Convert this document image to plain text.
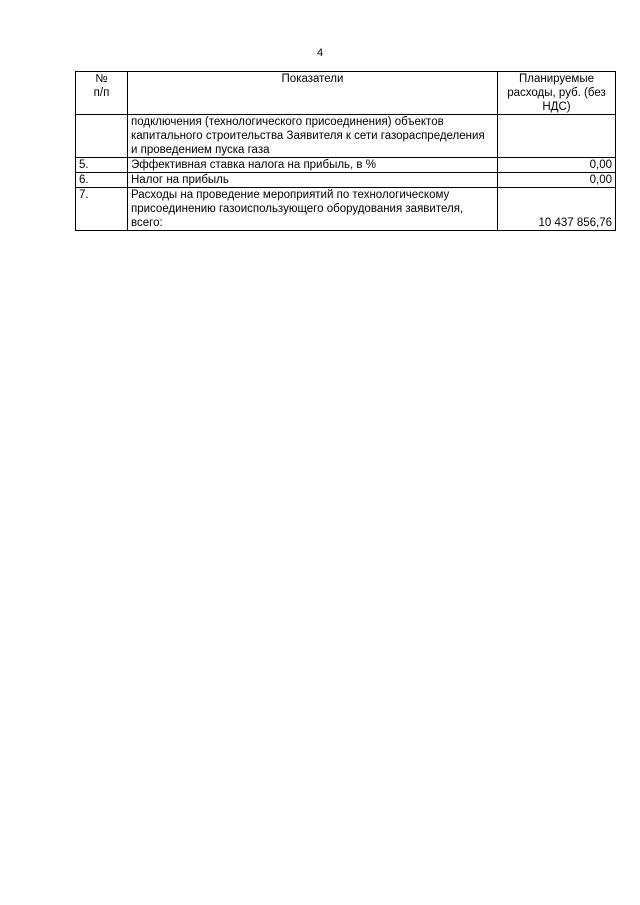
4
№ п/п	Показатели	Планируемые расходы, руб. (без НДС)

	подключения (технологического присоединения) объектов капитального строительства Заявителя к сети газораспределения и проведением пуска газа	
5.	Эффективная ставка налога на прибыль, в %	0,00
6.	Налог на прибыль	0,00
7.	Расходы на проведение мероприятий по технологическому присоединению газоиспользующего оборудования заявителя, всего:	10 437 856,76
